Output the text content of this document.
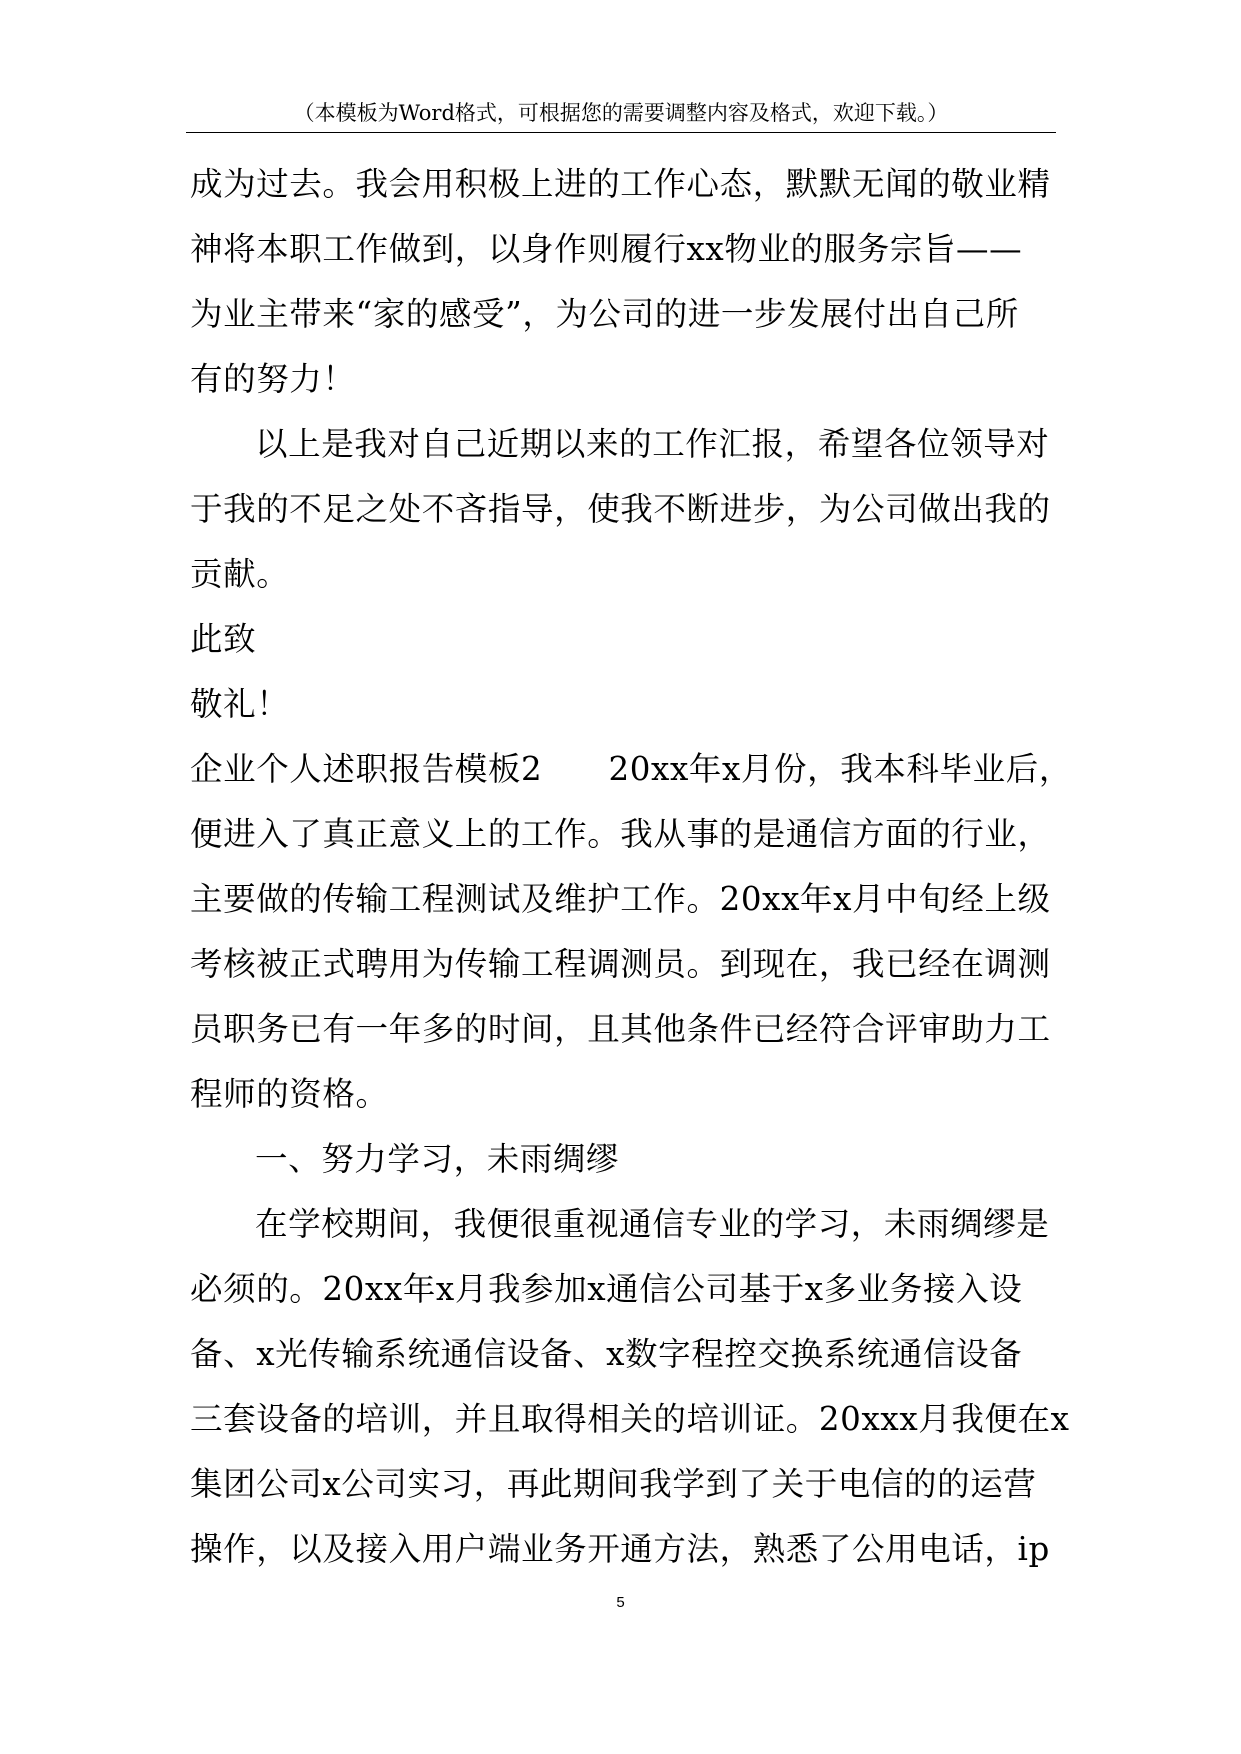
（本模板为Word格式，可根据您的需要调整内容及格式，欢迎下载。）
成为过去。我会用积极上进的工作心态，默默无闻的敬业精
神将本职工作做到，以身作则履行xx物业的服务宗旨——
为业主带来“家的感受”，为公司的进一步发展付出自己所
有的努力！
以上是我对自己近期以来的工作汇报，希望各位领导对
于我的不足之处不吝指导，使我不断进步，为公司做出我的
贡献。
此致
敬礼！
企业个人述职报告模板2　　20xx年x月份，我本科毕业后，
便进入了真正意义上的工作。我从事的是通信方面的行业，
主要做的传输工程测试及维护工作。20xx年x月中旬经上级
考核被正式聘用为传输工程调测员。到现在，我已经在调测
员职务已有一年多的时间，且其他条件已经符合评审助力工
程师的资格。
一、努力学习，未雨绸缪
在学校期间，我便很重视通信专业的学习，未雨绸缪是
必须的。20xx年x月我参加x通信公司基于x多业务接入设
备、x光传输系统通信设备、x数字程控交换系统通信设备
三套设备的培训，并且取得相关的培训证。20xxx月我便在x
集团公司x公司实习，再此期间我学到了关于电信的的运营
操作，以及接入用户端业务开通方法，熟悉了公用电话，ip
5
